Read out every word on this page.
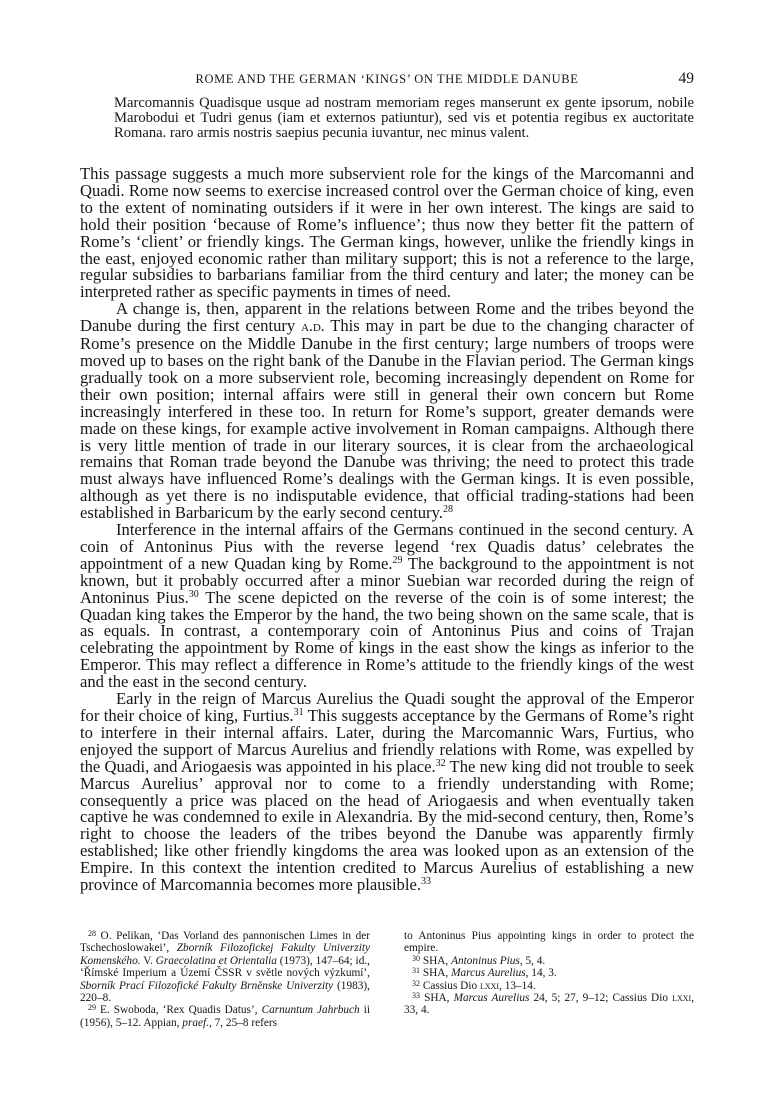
ROME AND THE GERMAN ‘KINGS’ ON THE MIDDLE DANUBE	49

Marcomannis Quadisque usque ad nostram memoriam reges manserunt ex gente ipsorum, nobile Marobodui et Tudri genus (iam et externos patiuntur), sed vis et potentia regibus ex auctoritate Romana. raro armis nostris saepius pecunia iuvantur, nec minus valent.

This passage suggests a much more subservient role for the kings of the Marcomanni and Quadi. Rome now seems to exercise increased control over the German choice of king, even to the extent of nominating outsiders if it were in her own interest. The kings are said to hold their position ‘because of Rome’s influence’; thus now they better fit the pattern of Rome’s ‘client’ or friendly kings. The German kings, however, unlike the friendly kings in the east, enjoyed economic rather than military support; this is not a reference to the large, regular subsidies to barbarians familiar from the third century and later; the money can be interpreted rather as specific payments in times of need.

A change is, then, apparent in the relations between Rome and the tribes beyond the Danube during the first century a.d. This may in part be due to the changing character of Rome’s presence on the Middle Danube in the first century; large numbers of troops were moved up to bases on the right bank of the Danube in the Flavian period. The German kings gradually took on a more subservient role, becoming increasingly dependent on Rome for their own position; internal affairs were still in general their own concern but Rome increasingly interfered in these too. In return for Rome’s support, greater demands were made on these kings, for example active involvement in Roman campaigns. Although there is very little mention of trade in our literary sources, it is clear from the archaeological remains that Roman trade beyond the Danube was thriving; the need to protect this trade must always have influenced Rome’s dealings with the German kings. It is even possible, although as yet there is no indisputable evidence, that official trading-stations had been established in Barbaricum by the early second century.$^{28}$

Interference in the internal affairs of the Germans continued in the second century. A coin of Antoninus Pius with the reverse legend ‘rex Quadis datus’ celebrates the appointment of a new Quadan king by Rome.$^{29}$ The background to the appointment is not known, but it probably occurred after a minor Suebian war recorded during the reign of Antoninus Pius.$^{30}$ The scene depicted on the reverse of the coin is of some interest; the Quadan king takes the Emperor by the hand, the two being shown on the same scale, that is as equals. In contrast, a contemporary coin of Antoninus Pius and coins of Trajan celebrating the appointment by Rome of kings in the east show the kings as inferior to the Emperor. This may reflect a difference in Rome’s attitude to the friendly kings of the west and the east in the second century.

Early in the reign of Marcus Aurelius the Quadi sought the approval of the Emperor for their choice of king, Furtius.$^{31}$ This suggests acceptance by the Germans of Rome’s right to interfere in their internal affairs. Later, during the Marcomannic Wars, Furtius, who enjoyed the support of Marcus Aurelius and friendly relations with Rome, was expelled by the Quadi, and Ariogaesis was appointed in his place.$^{32}$ The new king did not trouble to seek Marcus Aurelius’ approval nor to come to a friendly understanding with Rome; consequently a price was placed on the head of Ariogaesis and when eventually taken captive he was condemned to exile in Alexandria. By the mid-second century, then, Rome’s right to choose the leaders of the tribes beyond the Danube was apparently firmly established; like other friendly kingdoms the area was looked upon as an extension of the Empire. In this context the intention credited to Marcus Aurelius of establishing a new province of Marcomannia becomes more plausible.$^{33}$

$^{28}$ O. Pelikan, ‘Das Vorland des pannonischen Limes in der Tschechoslowakei’, Zborník Filozofickej Fakulty Univerzity Komenského. V. Graecolatina et Orientalia (1973), 147–64; id., ‘Římské Imperium a Území ČSSR v světle nových výzkumí’, Sborník Prací Filozofické Fakulty Brněnske Univerzity (1983), 220–8.

$^{29}$ E. Swoboda, ‘Rex Quadis Datus’, Carnuntum Jahrbuch ii (1956), 5–12. Appian, praef., 7, 25–8 refers

to Antoninus Pius appointing kings in order to protect the empire.

$^{30}$ SHA, Antoninus Pius, 5, 4.

$^{31}$ SHA, Marcus Aurelius, 14, 3.

$^{32}$ Cassius Dio lxxi, 13–14.

$^{33}$ SHA, Marcus Aurelius 24, 5; 27, 9–12; Cassius Dio lxxi, 33, 4.
